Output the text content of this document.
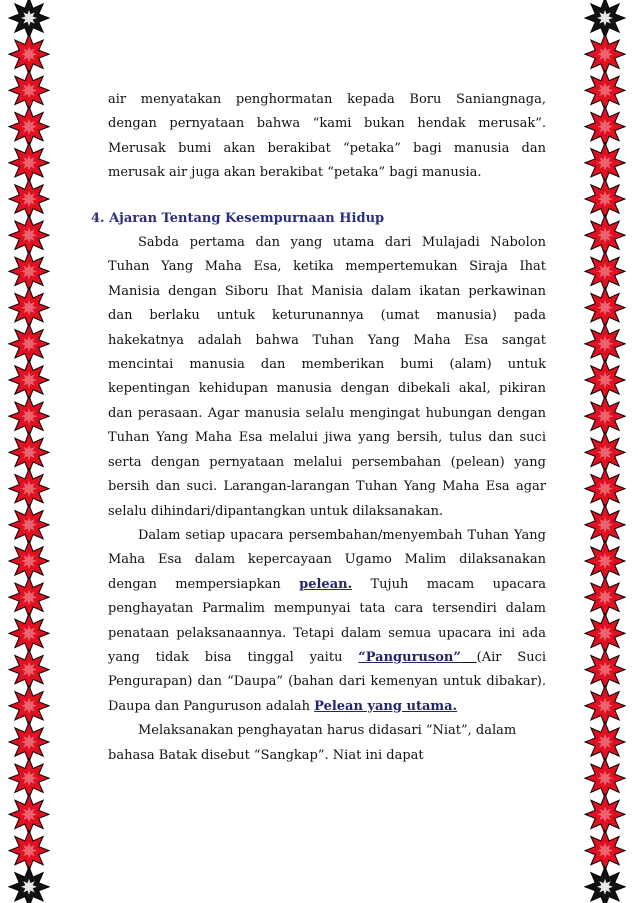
air menyatakan penghormatan kepada Boru Saniangnaga, dengan pernyataan bahwa “kami bukan hendak merusak”. Merusak bumi akan berakibat “petaka” bagi manusia dan merusak air juga akan berakibat “petaka” bagi manusia.

4. Ajaran Tentang Kesempurnaan Hidup

Sabda pertama dan yang utama dari Mulajadi Nabolon Tuhan Yang Maha Esa, ketika mempertemukan Siraja Ihat Manisia dengan Siboru Ihat Manisia dalam ikatan perkawinan dan berlaku untuk keturunannya (umat manusia) pada hakekatnya adalah bahwa Tuhan Yang Maha Esa sangat mencintai manusia dan memberikan bumi (alam) untuk kepentingan kehidupan manusia dengan dibekali akal, pikiran dan perasaan. Agar manusia selalu mengingat hubungan dengan Tuhan Yang Maha Esa melalui jiwa yang bersih, tulus dan suci serta dengan pernyataan melalui persembahan (pelean) yang bersih dan suci. Larangan-larangan Tuhan Yang Maha Esa agar selalu dihindari/dipantangkan untuk dilaksanakan.

Dalam setiap upacara persembahan/menyembah Tuhan Yang Maha Esa dalam kepercayaan Ugamo Malim dilaksanakan dengan mempersiapkan pelean. Tujuh macam upacara penghayatan Parmalim mempunyai tata cara tersendiri dalam penataan pelaksanaannya. Tetapi dalam semua upacara ini ada yang tidak bisa tinggal yaitu “Panguruson” (Air Suci Pengurapan) dan “Daupa” (bahan dari kemenyan untuk dibakar). Daupa dan Panguruson adalah Pelean yang utama.

Melaksanakan penghayatan harus didasari “Niat”, dalam bahasa Batak disebut “Sangkap”. Niat ini dapat
